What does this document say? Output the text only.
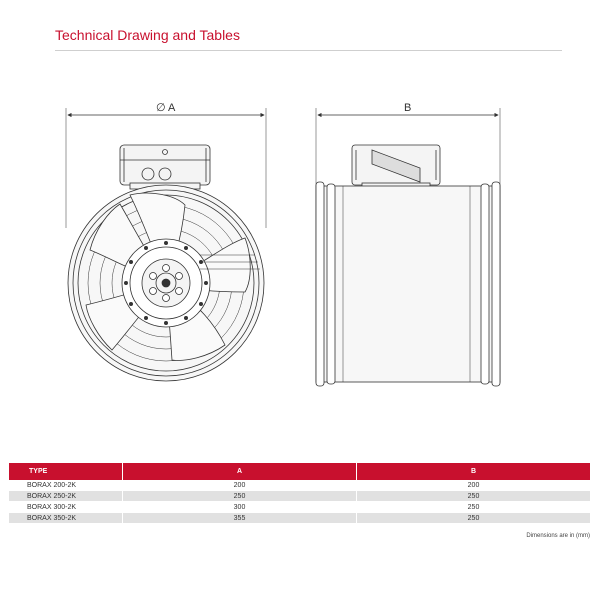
Technical Drawing and Tables
∅ A	B
TYPE	A	B
BORAX 200-2K	200	200
BORAX 250-2K	250	250
BORAX 300-2K	300	250
BORAX 350-2K	355	250
Dimensions are in (mm)
